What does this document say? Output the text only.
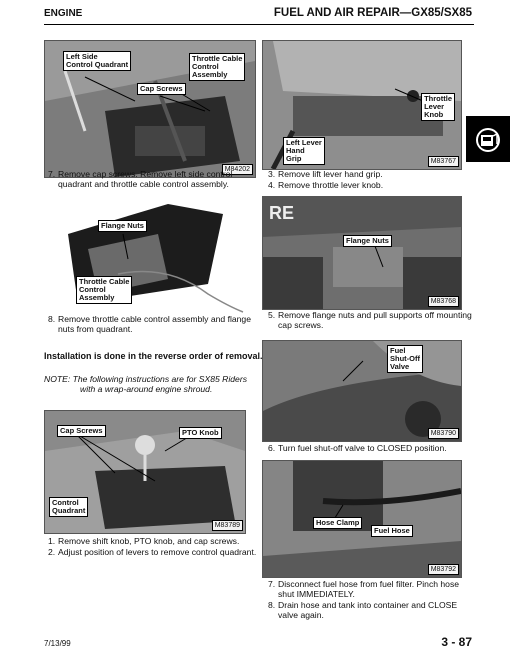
ENGINE	FUEL AND AIR REPAIR—GX85/SX85
Left Side
Control Quadrant
Throttle Cable
Control
Assembly
Cap Screws
M84202
Throttle
Lever
Knob
Left Lever
Hand
Grip	M83767
7. Remove cap screws. Remove left side control
quadrant and throttle cable control assembly.
3. Remove lift lever hand grip.
4. Remove throttle lever knob.
Flange Nuts
Throttle Cable
Control
Assembly
RE
Flange Nuts
M83768
8. Remove throttle cable control assembly and flange
nuts from quadrant.
5. Remove flange nuts and pull supports off mounting
cap screws.
Installation is done in the reverse order of removal.
NOTE: The following instructions are for SX85 Riders
with a wrap-around engine shroud.
Fuel
Shut-Off
Valve
M83790
6. Turn fuel shut-off valve to CLOSED position.
Cap Screws	PTO Knob
Control
Quadrant
M83789
1. Remove shift knob, PTO knob, and cap screws.
2. Adjust position of levers to remove control quadrant.
Hose Clamp
Fuel Hose
M83792
7. Disconnect fuel hose from fuel filter. Pinch hose
shut IMMEDIATELY.
8. Drain hose and tank into container and CLOSE
valve again.
7/13/99	3 - 87
